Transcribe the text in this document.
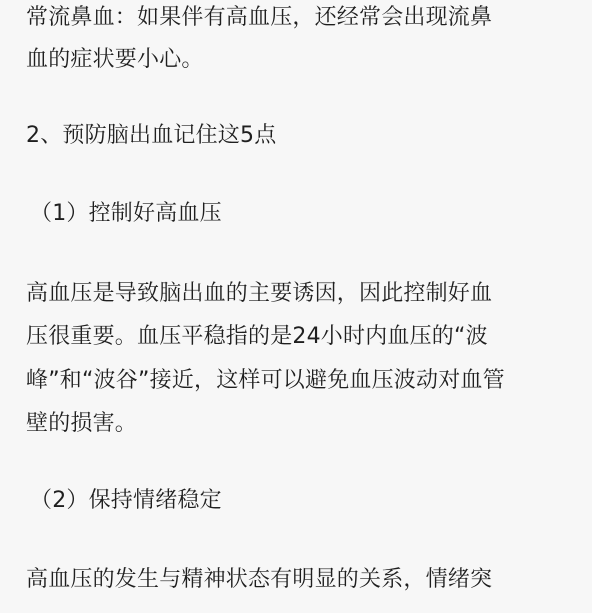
常流鼻血：如果伴有高血压，还经常会出现流鼻
血的症状要小心。
2、预防脑出血记住这5点
（1）控制好高血压
高血压是导致脑出血的主要诱因，因此控制好血
压很重要。血压平稳指的是24小时内血压的“波
峰”和“波谷”接近，这样可以避免血压波动对血管
壁的损害。
（2）保持情绪稳定
高血压的发生与精神状态有明显的关系，情绪突
